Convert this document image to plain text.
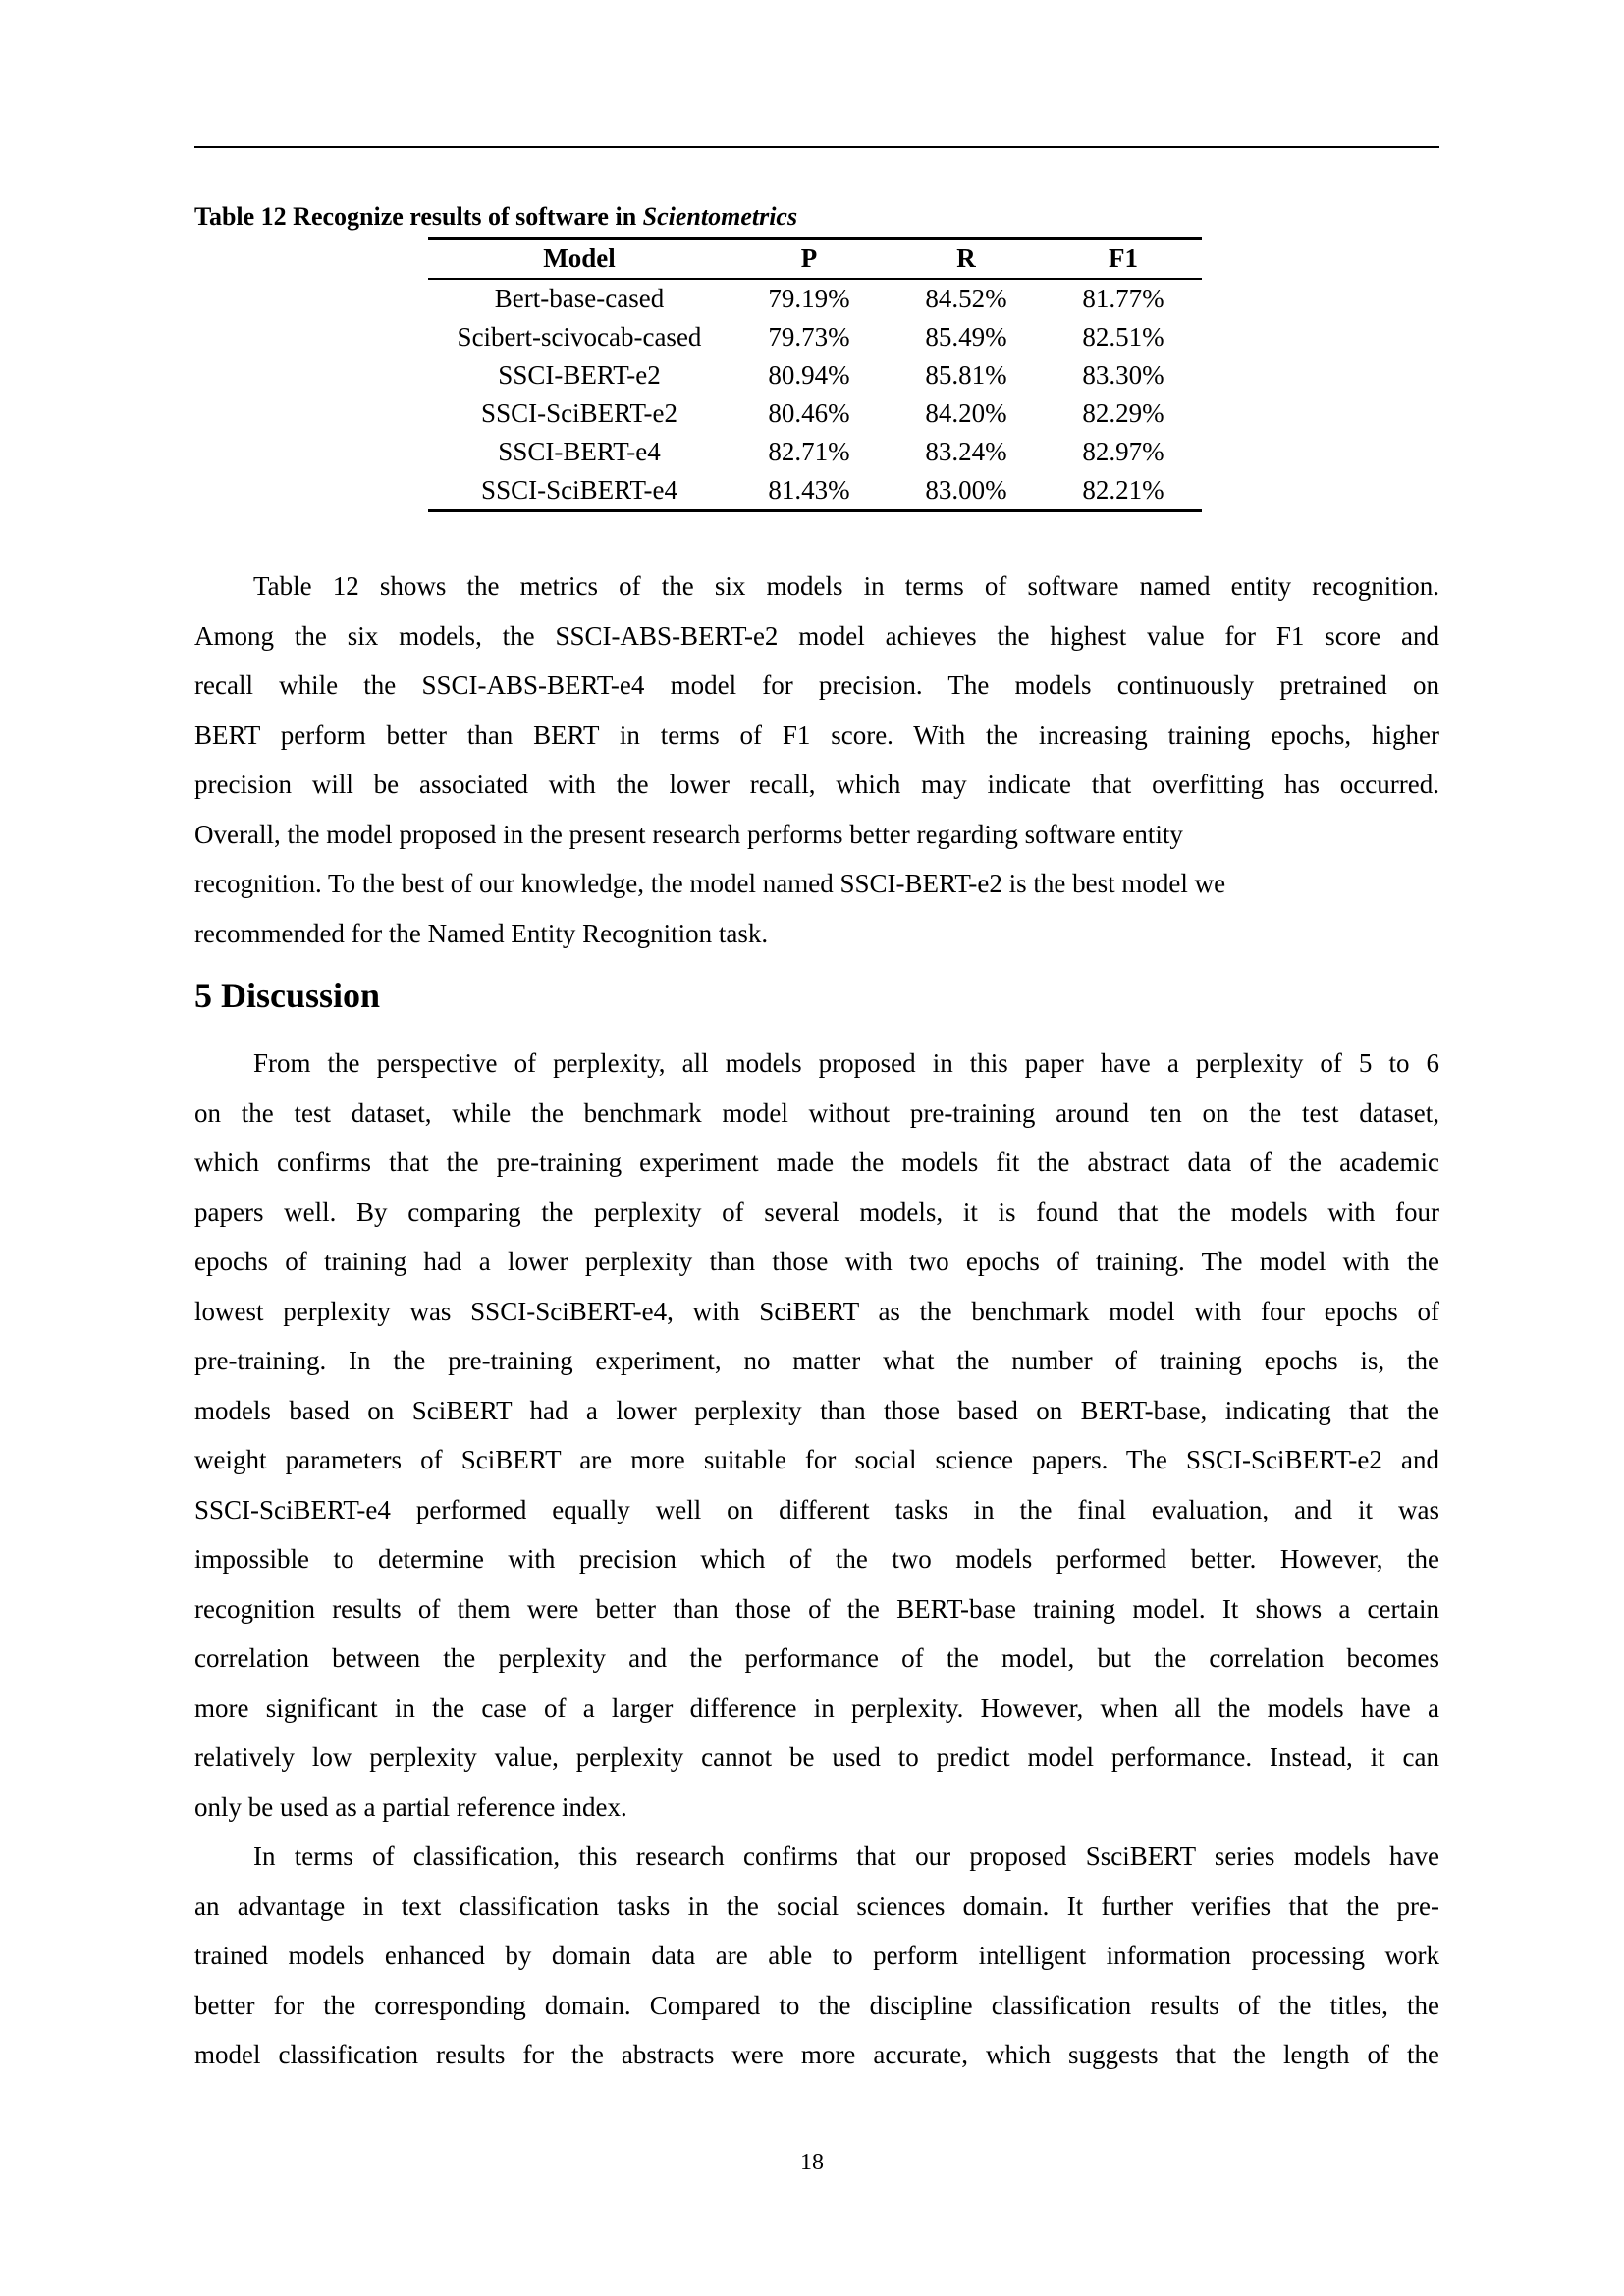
Table 12 Recognize results of software in Scientometrics
Model	P	R	F1
Bert-base-cased	79.19%	84.52%	81.77%
Scibert-scivocab-cased	79.73%	85.49%	82.51%
SSCI-BERT-e2	80.94%	85.81%	83.30%
SSCI-SciBERT-e2	80.46%	84.20%	82.29%
SSCI-BERT-e4	82.71%	83.24%	82.97%
SSCI-SciBERT-e4	81.43%	83.00%	82.21%
Table 12 shows the metrics of the six models in terms of software named entity recognition.
Among the six models, the SSCI-ABS-BERT-e2 model achieves the highest value for F1 score and
recall while the SSCI-ABS-BERT-e4 model for precision. The models continuously pretrained on
BERT perform better than BERT in terms of F1 score. With the increasing training epochs, higher
precision will be associated with the lower recall, which may indicate that overfitting has occurred.
Overall, the model proposed in the present research performs better regarding software entity
recognition. To the best of our knowledge, the model named SSCI-BERT-e2 is the best model we
recommended for the Named Entity Recognition task.
5 Discussion
From the perspective of perplexity, all models proposed in this paper have a perplexity of 5 to 6
on the test dataset, while the benchmark model without pre-training around ten on the test dataset,
which confirms that the pre-training experiment made the models fit the abstract data of the academic
papers well. By comparing the perplexity of several models, it is found that the models with four
epochs of training had a lower perplexity than those with two epochs of training. The model with the
lowest perplexity was SSCI-SciBERT-e4, with SciBERT as the benchmark model with four epochs of
pre-training. In the pre-training experiment, no matter what the number of training epochs is, the
models based on SciBERT had a lower perplexity than those based on BERT-base, indicating that the
weight parameters of SciBERT are more suitable for social science papers. The SSCI-SciBERT-e2 and
SSCI-SciBERT-e4 performed equally well on different tasks in the final evaluation, and it was
impossible to determine with precision which of the two models performed better. However, the
recognition results of them were better than those of the BERT-base training model. It shows a certain
correlation between the perplexity and the performance of the model, but the correlation becomes
more significant in the case of a larger difference in perplexity. However, when all the models have a
relatively low perplexity value, perplexity cannot be used to predict model performance. Instead, it can
only be used as a partial reference index.
In terms of classification, this research confirms that our proposed SsciBERT series models have
an advantage in text classification tasks in the social sciences domain. It further verifies that the pre-
trained models enhanced by domain data are able to perform intelligent information processing work
better for the corresponding domain. Compared to the discipline classification results of the titles, the
model classification results for the abstracts were more accurate, which suggests that the length of the
18
